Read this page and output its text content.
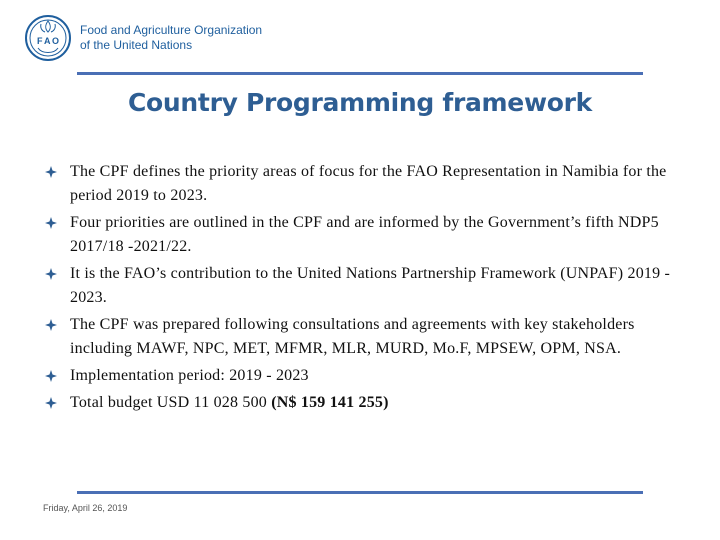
F A O
Food and Agriculture Organization
of the United Nations
Country Programming framework
The CPF defines the priority areas of focus for the FAO Representation in Namibia for the period 2019 to 2023.
Four priorities are outlined in the CPF and are informed by the Government’s fifth NDP5 2017/18 -2021/22.
It is the FAO’s contribution to the United Nations Partnership Framework (UNPAF) 2019 - 2023.
The CPF was prepared following consultations and agreements with key stakeholders including MAWF, NPC, MET, MFMR, MLR, MURD, Mo.F, MPSEW, OPM, NSA.
Implementation period: 2019 - 2023
Total budget USD 11 028 500 (N$ 159 141 255)
Friday, April 26, 2019
